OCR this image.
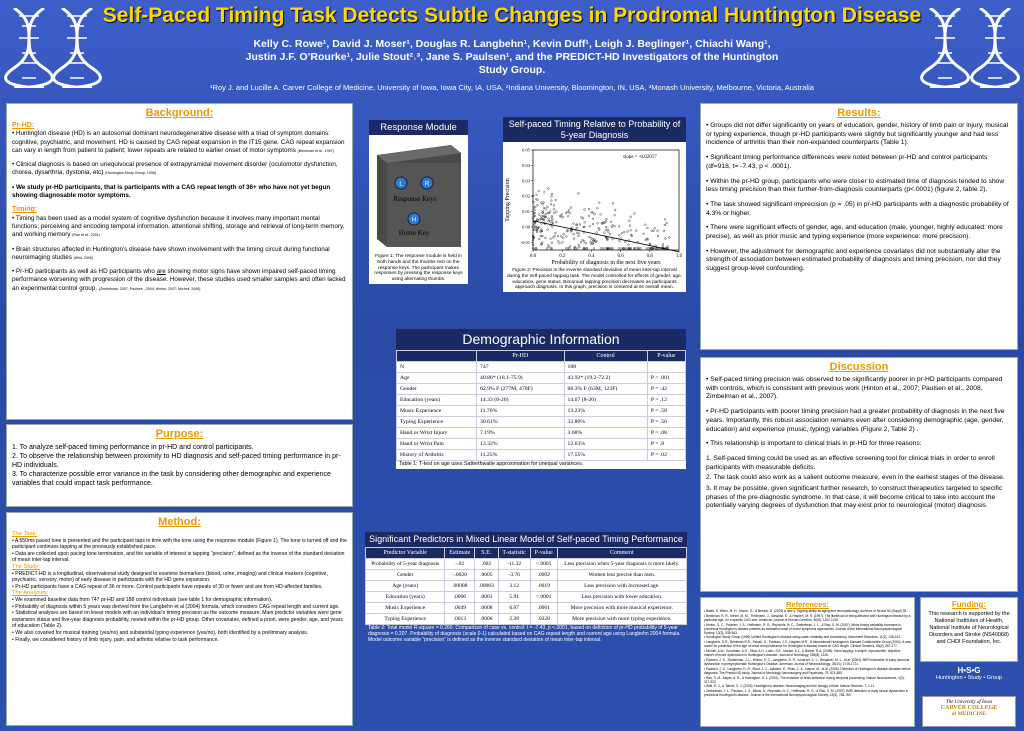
Self-Paced Timing Task Detects Subtle Changes in Prodromal Huntington Disease
Kelly C. Rowe¹, David J. Moser¹, Douglas R. Langbehn¹, Kevin Duff¹, Leigh J. Beglinger¹, Chiachi Wang¹,
Justin J.F. O’Rourke¹, Julie Stout²˒³, Jane S. Paulsen¹, and the PREDICT-HD Investigators of the Huntington
Study Group.
¹Roy J. and Lucille A. Carver College of Medicine, University of Iowa, Iowa City, IA, USA, ²Indiana University, Bloomington, IN, USA, ³Monash University, Melbourne, Victoria, Australia
Background:
Pr-HD:

• Huntington disease (HD) is an autosomal dominant neurodegenerative disease with a triad of symptom domains: cognitive, psychiatric, and movement. HD is caused by CAG repeat expansion in the IT15 gene. CAG repeat expansion can vary in length from patient to patient; lower repeats are related to earlier onset of motor symptoms (Brinkman et al., 1997)

• Clinical diagnosis is based on unequivocal presence of extrapyramidal movement disorder (oculomotor dysfunction, chorea, dysarthria, dystonia, etc) (Huntington Study Group, 1996)

• We study pr-HD participants, that is participants with a CAG repeat length of 36+ who have not yet begun showing diagnosable motor symptoms.

Timing:

• Timing has been used as a model system of cognitive dysfunction because it involves many important mental functions; perceiving and encoding temporal information, attentional shifting, storage and retrieval of long-term memory, and working memory (Rao et al., 2001)

• Brain structures affected in Huntington’s disease have shown involvement with the timing circuit during functional neuroimaging studies (Wild, 2006)

• Pr-HD participants as well as HD participants who are showing motor signs have shown impaired self-paced timing performance worsening with progression of the disease. However, these studies used smaller samples and often lacked an experimental control group. (Zimbelman, 2007; Paulsen , 2004; Hinton, 2007; Michell, 2008)

Purpose:
1. To analyze self-paced timing performance in pr-HD and control participants.
2. To observe the relationship between proximity to HD diagnosis and self-paced timing performance in pr-HD individuals.
3. To characterize possible error variance in the task by considering other demographic and experience variables that could impact task performance.
Method:
The Task:
• A 550ms paced tone is presented and the participant taps in time with the tone using the response module (Figure 1). The tone is turned off and the participant continues tapping at the previously established pace.
• Data are collected upon pacing tone termination, and the variable of interest is tapping “precision”, defined as the inverse of the standard deviation of mean inter-tap interval.
The Study:
• PREDICT-HD is a longitudinal, observational study designed to examine biomarkers (blood, urine, imaging) and clinical markers (cognitive, psychiatric, sensory, motor) of early disease in participants with the HD gene expansion.
• Pr-HD participants have a CAG repeat of 36 or more. Control participants have repeats of 30 or fewer and are from HD-affected families.
The Analyses:
• We examined baseline data from 747 pr-HD and 188 control individuals (see table 1 for demographic information).
• Probability of diagnosis within 5 years was derived from the Langbehn et al (2004) formula, which considers CAG repeat length and current age.
• Statistical analyses are based on linear models with an individual’s timing precision as the outcome measure. Main predictor variables were gene expansion status and five-year diagnosis probability, nested within the pr-HD group. Other covariates, defined a priori, were gender, age, and years of education (Table 2).
• We also covaried for musical training (yes/no) and substantial typing experience (yes/no), both identified by a preliminary analysis.
• Finally, we considered history of limb injury, pain, and arthritis relative to task performance.
Response Module
L	R
H
Response Keys
Home Key
Figure 1: The response module is held in both hands and the thumbs rest on the response keys. The participant makes responses by pressing the response keys using alternating thumbs.
Self-paced Timing Relative to Probability of 5-year Diagnosis
0.05
0.04
0.03
0.02
0.01
0.00
-0.01
0.0	0.2	0.4	0.6	0.8	1.0
slope = -0.02017
Probability of diagnosis in the next five years
Tapping Precision
Figure 2: Precision is the inverse standard deviation of mean inter-tap interval during the self-paced tapping task. The model controlled for effects of gender, age, education, gene status. Bimanual tapping precision decreases as participants approach diagnosis. In this graph, precision is centered at its overall mean.
Demographic Information
	Pr-HD	Control	P-value
N	747	188	
Age	40.86* (18.1-75.9)	43.92* (19.2-72.2)	P < .001
Gender	62.9% F (277M, 470F)	66.3% F (63M, 123F)	P = .42
Education (years)	14.33 (8-20)	14.67 (8-20)	P = .12
Music Experience	11.76%	13.23%	P = .58
Typing Experience	30.61%	32.80%	P = .56
Hand or Wrist Injury	7.19%	3.68%	P = .08
Hand or Wrist Pain	13.32%	12.63%	P = .8
History of Arthritis	11.25%	17.55%	P = .02
Table 1: T-test on age uses Satterthwaite approximation for unequal variances.
Significant Predictors in Mixed Linear Model of Self-paced Timing Performance
Predictor Variable	Estimate	S.E.	T-statistic	P-value	Comment
Probability of 5-year diagnosis	-.02	.002	-11.32	<.0001	Less precision when 5-year diagnosis is more likely.
Gender	-.0020	.0005	-3.76	.0002	Women less precise than men.
Age (years)	.00008	.00003	3.12	.0019	Less precision with increased age.
Education (years)	.0006	.0001	5.91	<.0001	Less precision with lower education.
Music Experience	.0049	.0008	6.07	.0001	More precision with more musical experience.
Typing Experience	.0013	.0006	2.28	.0228	More precision with more typing experience.
Table 2: Total model R-square = 0.260. Comparison of case vs. control: t = -7.43, p <.0001, based on definition of pr-HD probability of 5-year diagnosis = 0.207. Probability of diagnosis (scale 0-1) calculated based on CAG repeat length and current age using Langbehn 2004 formula. Model outcome variable “precision” is defined as the inverse standard deviation of mean inter-tap interval.
Results:

• Groups did not differ significantly on years of education, gender, history of limb pain or injury, musical or typing experience, though pr-HD participants were slightly but significantly younger and had less incidence of arthritis than their non-expanded counterparts (Table 1).

• Significant timing performance differences were noted between pr-HD and control participants (df=918, t= -7.43, p < .0001).

• Within the pr-HD group, participants who were closer to estimated time of diagnosis tended to show less timing precision than their further-from-diagnosis counterparts (p<.0001) (figure 2, table 2).

• The task showed significant imprecision (p = .05) in pr-HD participants with a diagnostic probability of 4.3% or higher.

• There were significant effects of gender, age, and education (male, younger, highly educated: more precise), as well as prior music and typing experience (more experience: more precision).

• However, the adjustment for demographic and experience covariates did not substantially alter the strength of association between estimated probability of diagnosis and timing precision, nor did they suggest group-level confounding.

Discussion

• Self-paced timing precision was observed to be significantly poorer in pr-HD participants compared with controls, which is consistent with previous work (Hinton et al., 2007; Paulsen et al., 2008, Zimbelman et al., 2007).

• Pr-HD participants with poorer timing precision had a greater probability of diagnosis in the next five years. Importantly, this robust association remains even after considering demographic (age, gender, education) and experience (music, typing) variables (Figure 2, Table 2) .

• This relationship is important to clinical trials in pr-HD for three reasons:

1. Self-paced timing could be used as an effective screening tool for clinical trials in order to enroll participants with measurable deficits.

2. The task could also work as a salient outcome measure, even in the earliest stages of the disease.

3. It may be possible, given significant further research, to construct therapeutics targeted to specific phases of the pre-diagnostic syndrome. In that case, it will become critical to take into account the potentially varying degrees of dysfunction that may exist prior to neurological (motor) diagnosis.

References:
• Bates, K. Wech, M. H., Moore, G., & Benton, D. (2003) A new y. Tapping ability as aging and neuropathology. Archives of Neurol 60 (Suppl) 35.
• Brinkman, R. R., Mezei, M. M., Theilmann, J., Almqvist, E., & Hayden, M. R. (1997). The likelihood of being affected with Huntington disease by a particular age, for a specific CAG size. American Journal of Human Genetics, 60(5), 1202-1210.
• Hinton, S. C., Paulsen, J. S., Hoffmann, R. G., Reynolds, N. C., Zimbelman, J. L., & Rao, S. M. (2007). Motor timing variability increases in preclinical Huntington's disease patients as estimated onset of motor symptoms approaches. Journal of the International Neuropsychological Society, 13(3), 539-543.
• Huntington Study Group (1996) Unified Huntington's disease rating scale: reliability and consistency. Movement Disorders, 11(2), 136-142.
• Langbehn, D.R., Brinkman R.R., Falush, D., Paulsen, J.S., Hayden M.R., & International Huntington's Disease Collaborative Group (2004). A new model for prediction of the age of onset and penetrance for Huntington's disease based on CAG length. Clinical Genetics, 65(4), 267-277.
• Michell, A.W., Goodman, A.O., Silva, A.H., Lazic, S.E., Morton, A.J., & Barker, R.A. (2008). Hand tapping: a simple, reproducible, objective marker of motor dysfunction in Huntington's disease. Journal of Neurology, 255(8), 1145.
• Paulsen, J. S., Zimbelman, J. L., Hinton, S. C., Langbehn, D. R., Leveroni, C. L., Benjamin, M. L., et al. (2004). fMRI biomarker of early neuronal dysfunction in presymptomatic Huntington's Disease. American Journal of Neuroradiology, 25(10), 1715-1721.
• Paulsen, J. S., Langbehn, D. R., Stout, J. C., Aylward, E., Ross, C. A., Nance, M., et al. (2008). Detection of Huntington's disease decades before diagnosis: The Predict-HD study. Journal of Neurology, Neurosurgery and Psychiatry, 79, 874-880.
• Rao, S. M., Mayer, A. R., & Harrington, D. L. (2001). The evolution of brain activation during temporal processing. Nature Neuroscience, 4(3), 317-323.
• Wild, E. J., & Tabrizi, S. J. (2006). Huntington's disease: Neuroimaging and the biology of time. Nature Reviews, 7, 1-11.
• Zimbelman, J. L., Paulsen, J. S., Mikos, A., Reynolds, N. C., Hoffmann, R. G., & Rao, S. M. (2007). fMRI detection of early neural dysfunction in preclinical Huntington's disease. Journal of the International Neuropsychological Society, 13(5), 758-769.
Funding:
This research is supported by the National Institutes of Health, National Institute of Neurological Disorders and Stroke (NS40068) and CHDI Foundation, Inc.
H•S•G
Huntington • Study • Group
The University of Iowa
CARVER COLLEGE
of MEDICINE
